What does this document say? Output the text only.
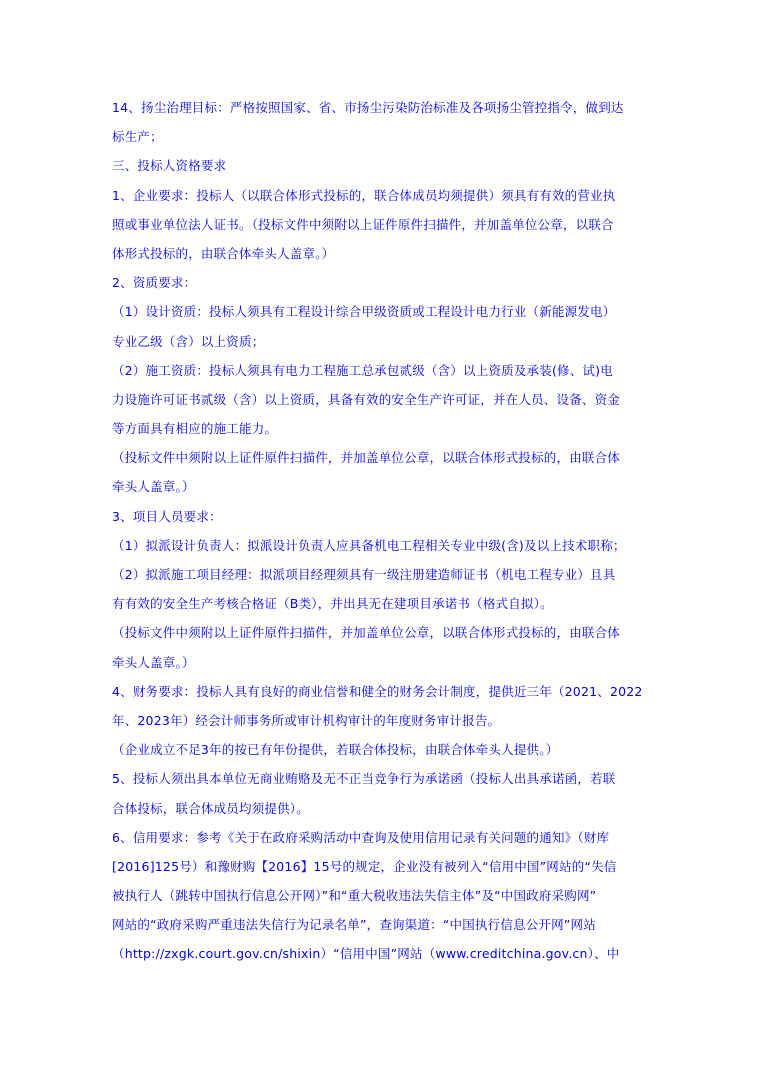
14、扬尘治理目标：严格按照国家、省、市扬尘污染防治标准及各项扬尘管控指令，做到达
标生产；
三、投标人资格要求
1、企业要求：投标人（以联合体形式投标的，联合体成员均须提供）须具有有效的营业执
照或事业单位法人证书。（投标文件中须附以上证件原件扫描件，并加盖单位公章，以联合
体形式投标的，由联合体牵头人盖章。）
2、资质要求：
（1）设计资质：投标人须具有工程设计综合甲级资质或工程设计电力行业（新能源发电）
专业乙级（含）以上资质；
（2）施工资质：投标人须具有电力工程施工总承包贰级（含）以上资质及承装(修、试)电
力设施许可证书贰级（含）以上资质，具备有效的安全生产许可证，并在人员、设备、资金
等方面具有相应的施工能力。
（投标文件中须附以上证件原件扫描件，并加盖单位公章，以联合体形式投标的，由联合体
牵头人盖章。）
3、项目人员要求：
（1）拟派设计负责人：拟派设计负责人应具备机电工程相关专业中级(含)及以上技术职称；
（2）拟派施工项目经理：拟派项目经理须具有一级注册建造师证书（机电工程专业）且具
有有效的安全生产考核合格证（B类），并出具无在建项目承诺书（格式自拟）。
（投标文件中须附以上证件原件扫描件，并加盖单位公章，以联合体形式投标的，由联合体
牵头人盖章。）
4、财务要求：投标人具有良好的商业信誉和健全的财务会计制度，提供近三年（2021、2022
年、2023年）经会计师事务所或审计机构审计的年度财务审计报告。
（企业成立不足3年的按已有年份提供，若联合体投标，由联合体牵头人提供。）
5、投标人须出具本单位无商业贿赂及无不正当竞争行为承诺函（投标人出具承诺函，若联
合体投标，联合体成员均须提供）。
6、信用要求：参考《关于在政府采购活动中查询及使用信用记录有关问题的通知》（财库
[2016]125号）和豫财购【2016】15号的规定，企业没有被列入“信用中国”网站的“失信
被执行人（跳转中国执行信息公开网）”和“重大税收违法失信主体”及“中国政府采购网”
网站的“政府采购严重违法失信行为记录名单”，查询渠道：“中国执行信息公开网”网站
（http://zxgk.court.gov.cn/shixin）“信用中国”网站（www.creditchina.gov.cn）、中
